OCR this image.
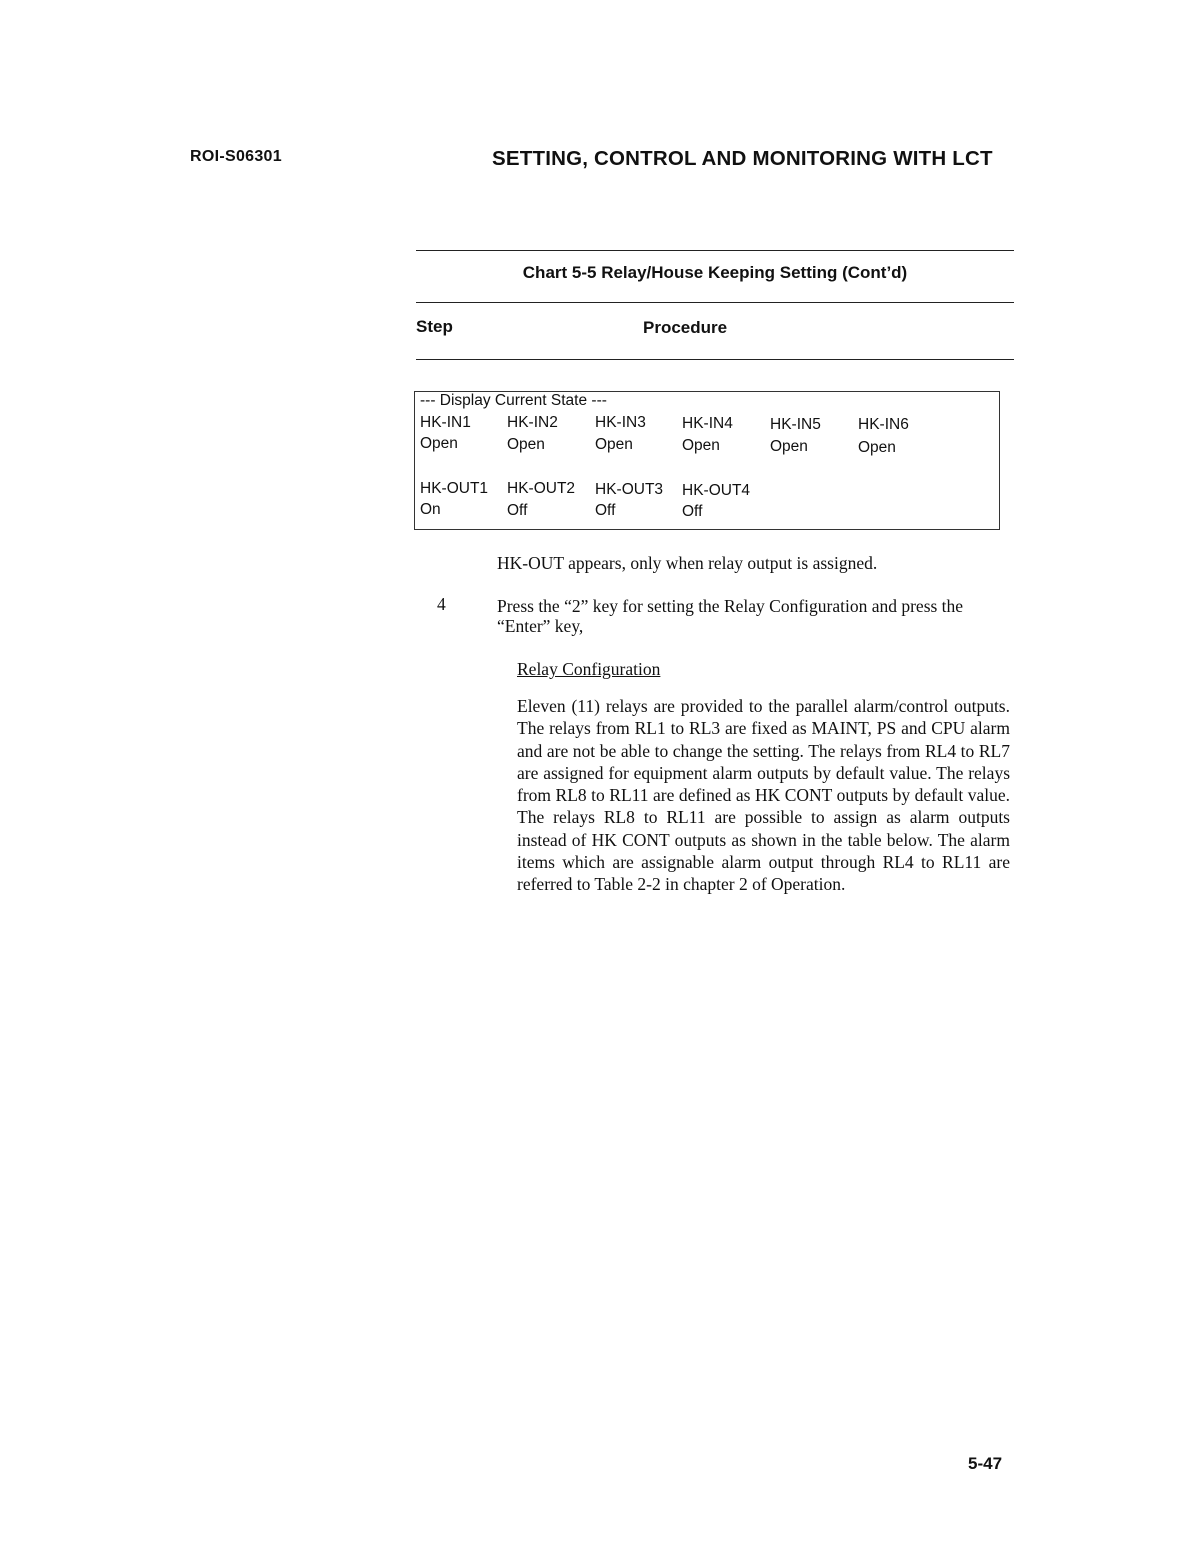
ROI-S06301	SETTING, CONTROL AND MONITORING WITH LCT
Chart 5-5 Relay/House Keeping Setting (Cont’d)
Step	Procedure
--- Display Current State ---
HK-IN1 HK-IN2 HK-IN3 HK-IN4 HK-IN5 HK-IN6
Open	Open	Open	Open	Open	Open
HK-OUT1 HK-OUT2 HK-OUT3 HK-OUT4
On	Off	Off	Off
HK-OUT appears, only when relay output is assigned.
4	Press the “2” key for setting the Relay Configuration and press the “Enter” key,
Relay Configuration
Eleven (11) relays are provided to the parallel alarm/control outputs. The relays from RL1 to RL3 are fixed as MAINT, PS and CPU alarm and are not be able to change the setting. The relays from RL4 to RL7 are assigned for equipment alarm outputs by default value. The relays from RL8 to RL11 are defined as HK CONT outputs by default value. The relays RL8 to RL11 are possible to assign as alarm outputs instead of HK CONT outputs as shown in the table below. The alarm items which are assignable alarm output through RL4 to RL11 are referred to Table 2-2 in chapter 2 of Operation.
5-47
